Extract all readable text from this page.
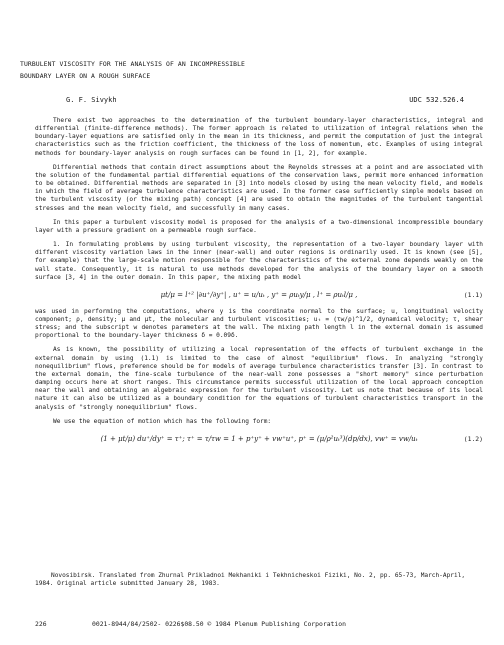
TURBULENT VISCOSITY FOR THE ANALYSIS OF AN INCOMPRESSIBLE
BOUNDARY LAYER ON A ROUGH SURFACE
G. F. Sivykh	UDC 532.526.4

There exist two approaches to the determination of the turbulent boundary-layer characteristics, integral and differential (finite-difference methods). The former approach is related to utilization of integral relations when the boundary-layer equations are satisfied only in the mean in its thickness, and permit the computation of just the integral characteristics such as the friction coefficient, the thickness of the loss of momentum, etc. Examples of using integral methods for boundary-layer analysis on rough surfaces can be found in [1, 2], for example.

Differential methods that contain direct assumptions about the Reynolds stresses at a point and are associated with the solution of the fundamental partial differential equations of the conservation laws, permit more enhanced information to be obtained. Differential methods are separated in [3] into models closed by using the mean velocity field, and models in which the field of average turbulence characteristics are used. In the former case sufficiently simple models based on the turbulent viscosity (or the mixing path) concept [4] are used to obtain the magnitudes of the turbulent tangential stresses and the mean velocity field, and successfully in many cases.

In this paper a turbulent viscosity model is proposed for the analysis of a two-dimensional incompressible boundary layer with a pressure gradient on a permeable rough surface.

1. In formulating problems by using turbulent viscosity, the representation of a two-layer boundary layer with different viscosity variation laws in the inner (near-wall) and outer regions is ordinarily used. It is known (see [5], for example) that the large-scale motion responsible for the characteristics of the external zone depends weakly on the wall state. Consequently, it is natural to use methods developed for the analysis of the boundary layer on a smooth surface [3, 4] in the outer domain. In this paper, the mixing path model

μt/μ = l⁺² |∂u⁺/∂y⁺| , u⁺ = u/uₜ , y⁺ = ρuₜy/μ , l⁺ = ρuₜl/μ ,	(1.1)

was used in performing the computations, where y is the coordinate normal to the surface; u, longitudinal velocity component; ρ, density; μ and μt, the molecular and turbulent viscosities; uₜ = (τw/ρ)^1/2, dynamical velocity; τ, shear stress; and the subscript w denotes parameters at the wall. The mixing path length l in the external domain is assumed proportional to the boundary-layer thickness δ = 0.09δ.

As is known, the possibility of utilizing a local representation of the effects of turbulent exchange in the external domain by using (1.1) is limited to the case of almost "equilibrium" flows. In analyzing "strongly nonequilibrium" flows, preference should be for models of average turbulence characteristics transfer [3]. In contrast to the external domain, the fine-scale turbulence of the near-wall zone possesses a "short memory" since perturbation damping occurs here at short ranges. This circumstance permits successful utilization of the local approach conception near the wall and obtaining an algebraic expression for the turbulent viscosity. Let us note that because of its local nature it can also be utilized as a boundary condition for the equations of turbulent characteristics transport in the analysis of "strongly nonequilibrium" flows.

We use the equation of motion which has the following form:

(1 + μt/μ) du⁺/dy⁺ = τ⁺; τ⁺ = τ/τw = 1 + p⁺y⁺ + vw⁺u⁺, p⁺ = (μ/ρ²uₜ³)(dp/dx), vw⁺ = vw/uₜ	(1.2)

Novosibirsk. Translated from Zhurnal Prikladnoi Mekhaniki i Tekhnicheskoi Fiziki, No. 2, pp. 65-73, March-April, 1984. Original article submitted January 28, 1983.

226	0021-8944/84/2502- 0226$08.50 © 1984 Plenum Publishing Corporation
